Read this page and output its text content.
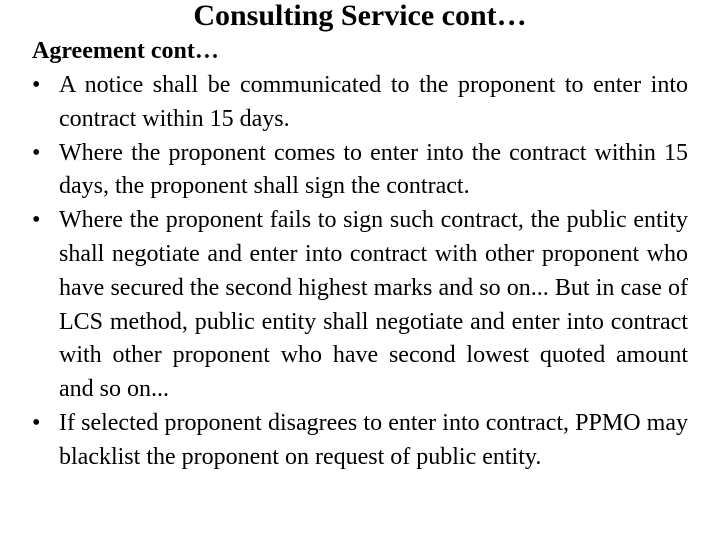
Consulting Service cont…
Agreement cont…
• A notice shall be communicated to the proponent to enter into contract within 15 days.
• Where the proponent comes to enter into the contract within 15 days, the proponent shall sign the contract.
• Where the proponent fails to sign such contract, the public entity shall negotiate and enter into contract with other proponent who have secured the second highest marks and so on... But in case of LCS method, public entity shall negotiate and enter into contract with other proponent who have second lowest quoted amount and so on...
• If selected proponent disagrees to enter into contract, PPMO may blacklist the proponent on request of public entity.
